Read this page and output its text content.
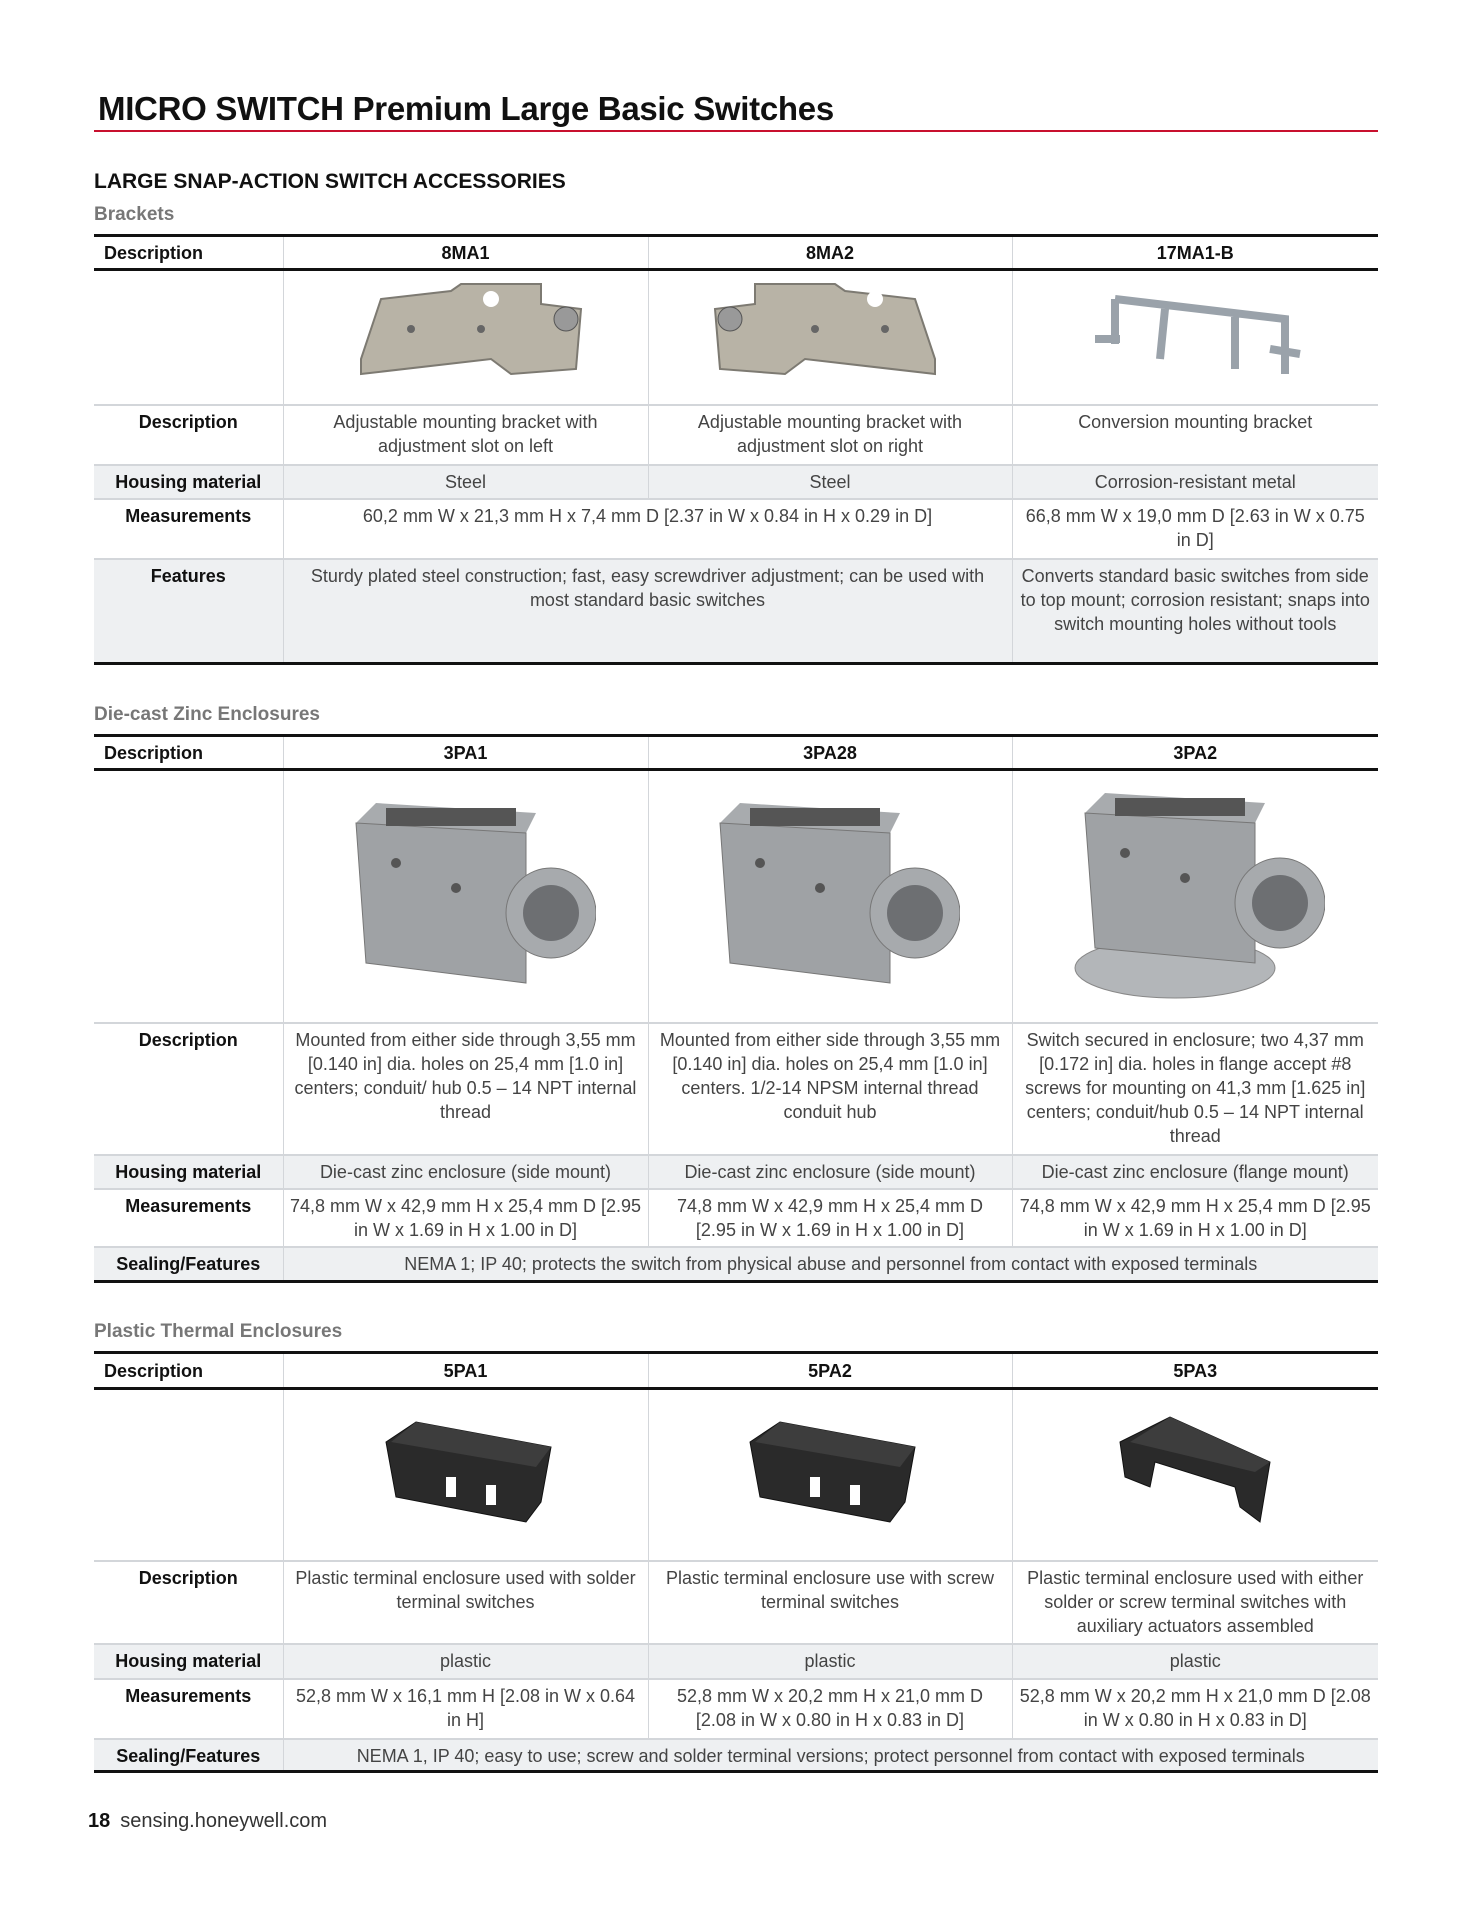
MICRO SWITCH Premium Large Basic Switches
LARGE SNAP-ACTION SWITCH ACCESSORIES
Brackets
Description	8MA1	8MA2	17MA1-B

Description	Adjustable mounting bracket with adjustment slot on left	Adjustable mounting bracket with adjustment slot on right	Conversion mounting bracket
Housing material	Steel	Steel	Corrosion-resistant metal
Measurements	60,2 mm W x 21,3 mm H x 7,4 mm D [2.37 in W x 0.84 in H x 0.29 in D]		66,8 mm W x 19,0 mm D [2.63 in W x 0.75 in D]
Features	Sturdy plated steel construction; fast, easy screwdriver adjustment; can be used with most standard basic switches		Converts standard basic switches from side to top mount; corrosion resistant; snaps into switch mounting holes without tools
Die-cast Zinc Enclosures
Description	3PA1	3PA28	3PA2

Description	Mounted from either side through 3,55 mm [0.140 in] dia. holes on 25,4 mm [1.0 in] centers; conduit/ hub 0.5 – 14 NPT internal thread	Mounted from either side through 3,55 mm [0.140 in] dia. holes on 25,4 mm [1.0 in] centers. 1/2-14 NPSM internal thread conduit hub	Switch secured in enclosure; two 4,37 mm [0.172 in] dia. holes in flange accept #8 screws for mounting on 41,3 mm [1.625 in] centers; conduit/hub 0.5 – 14 NPT internal thread
Housing material	Die-cast zinc enclosure (side mount)	Die-cast zinc enclosure (side mount)	Die-cast zinc enclosure (flange mount)
Measurements	74,8 mm W x 42,9 mm H x 25,4 mm D [2.95 in W x 1.69 in H x 1.00 in D]	74,8 mm W x 42,9 mm H x 25,4 mm D [2.95 in W x 1.69 in H x 1.00 in D]	74,8 mm W x 42,9 mm H x 25,4 mm D [2.95 in W x 1.69 in H x 1.00 in D]
Sealing/Features	NEMA 1; IP 40; protects the switch from physical abuse and personnel from contact with exposed terminals		
Plastic Thermal Enclosures
Description	5PA1	5PA2	5PA3

Description	Plastic terminal enclosure used with solder terminal switches	Plastic terminal enclosure use with screw terminal switches	Plastic terminal enclosure used with either solder or screw terminal switches with auxiliary actuators assembled
Housing material	plastic	plastic	plastic
Measurements	52,8 mm W x 16,1 mm H [2.08 in W x 0.64 in H]	52,8 mm W x 20,2 mm H x 21,0 mm D [2.08 in W x 0.80 in H x 0.83 in D]	52,8 mm W x 20,2 mm H x 21,0 mm D [2.08 in W x 0.80 in H x 0.83 in D]
Sealing/Features	NEMA 1, IP 40; easy to use; screw and solder terminal versions; protect personnel from contact with exposed terminals		
18 sensing.honeywell.com
